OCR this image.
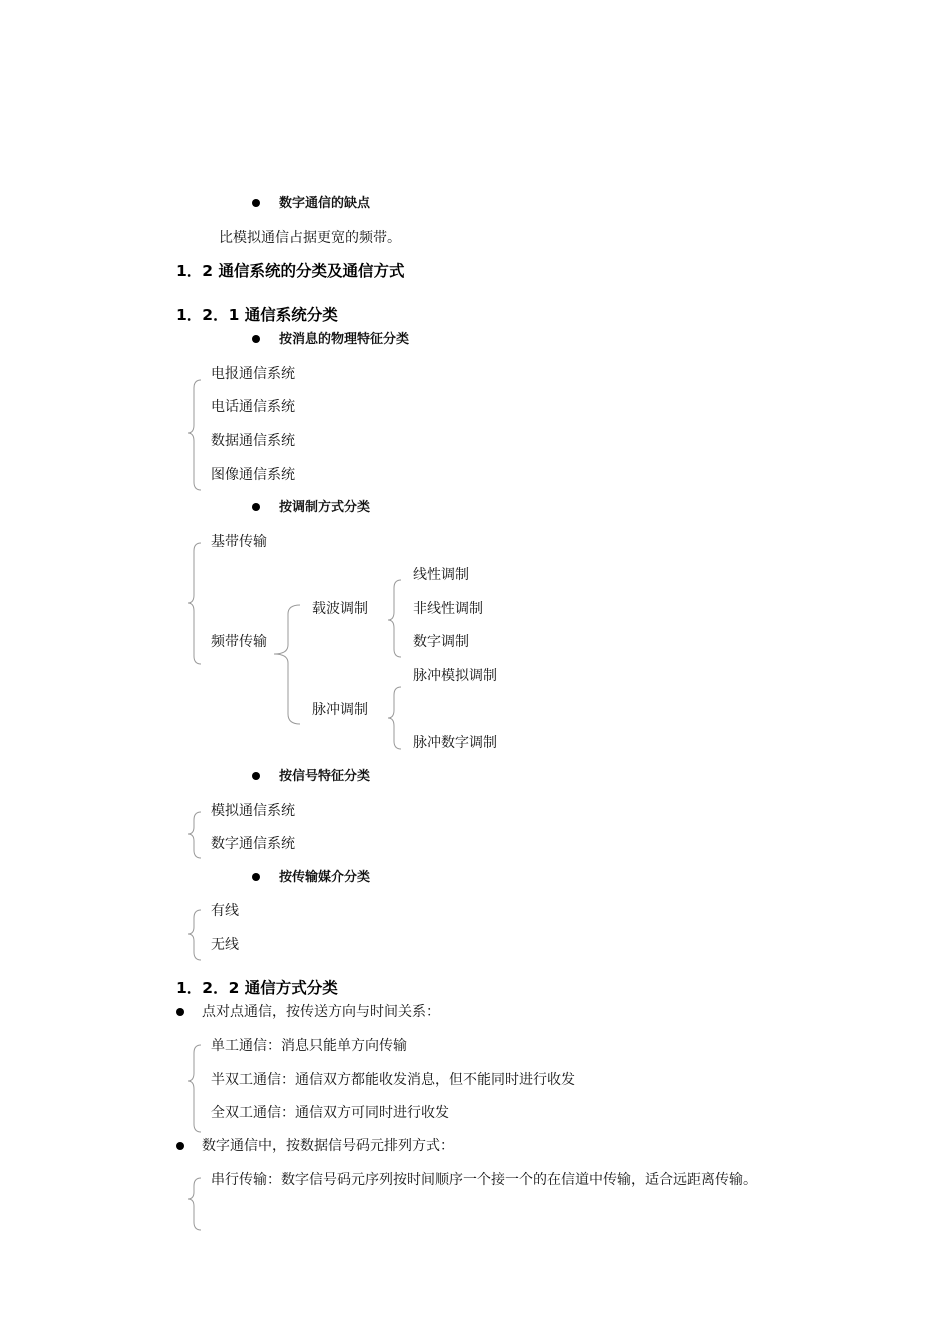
数字通信的缺点
比模拟通信占据更宽的频带。
1．2 通信系统的分类及通信方式
1．2．1 通信系统分类
按消息的物理特征分类
电报通信系统
电话通信系统
数据通信系统
图像通信系统
按调制方式分类
基带传输
频带传输
载波调制
脉冲调制
线性调制
非线性调制
数字调制
脉冲模拟调制
脉冲数字调制
按信号特征分类
模拟通信系统
数字通信系统
按传输媒介分类
有线
无线
1．2．2 通信方式分类
点对点通信，按传送方向与时间关系：
单工通信：消息只能单方向传输
半双工通信：通信双方都能收发消息，但不能同时进行收发
全双工通信：通信双方可同时进行收发
数字通信中，按数据信号码元排列方式：
串行传输：数字信号码元序列按时间顺序一个接一个的在信道中传输，适合远距离传输。
